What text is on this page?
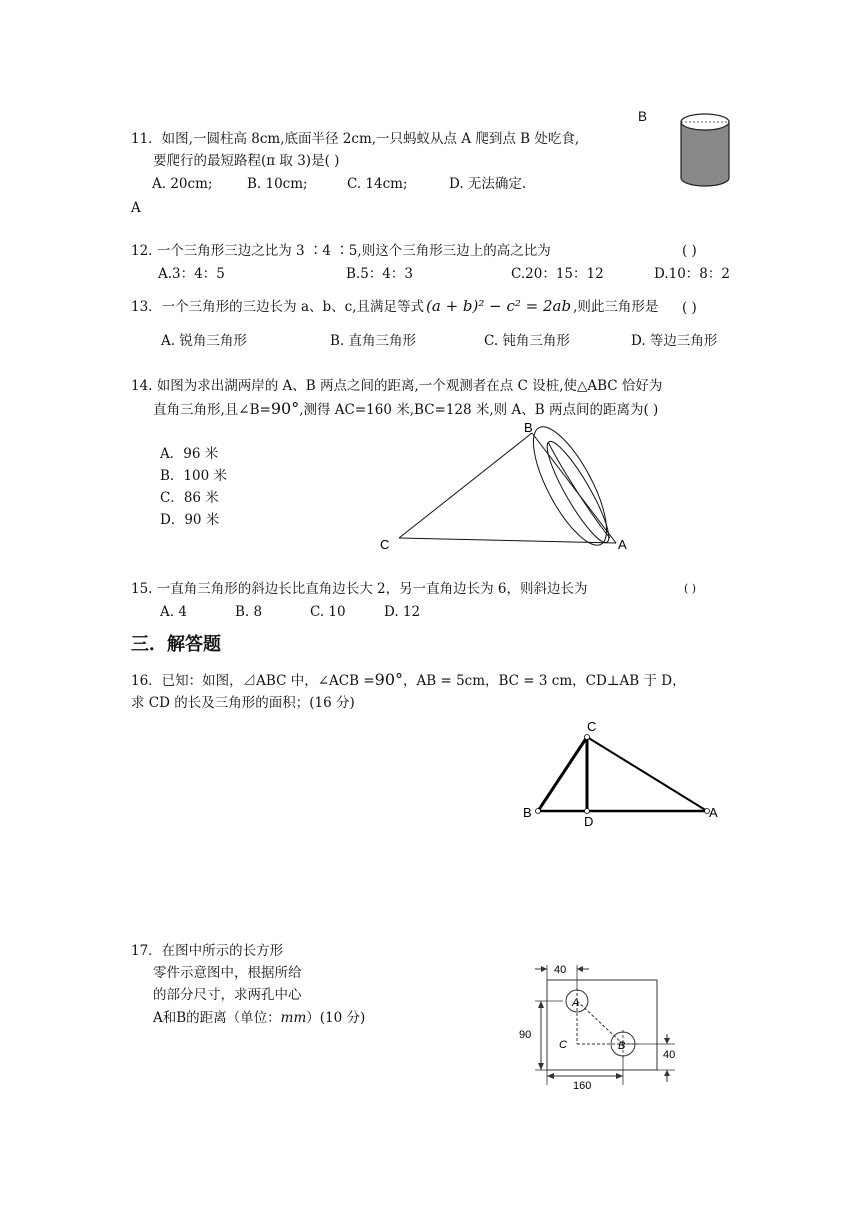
11．如图,一圆柱高 8cm,底面半径 2cm,一只蚂蚁从点 A 爬到点 B 处吃食,
要爬行的最短路程(π 取 3)是( )
A. 20cm;	B. 10cm;	C. 14cm;	D. 无法确定.
A
B
12. 一个三角形三边之比为 3 ∶4 ∶5,则这个三角形三边上的高之比为	( )
A.3：4：5	B.5：4：3	C.20：15：12	D.10：8：2
13．一个三角形的三边长为 a、b、c,且满足等式 (a + b)² − c² = 2ab ,则此三角形是 ( )
A. 锐角三角形	B. 直角三角形	C. 钝角三角形	D. 等边三角形
14. 如图为求出湖两岸的 A、B 两点之间的距离,一个观测者在点 C 设桩,使△ABC 恰好为
直角三角形,且∠B=90°,测得 AC=160 米,BC=128 米,则 A、B 两点间的距离为( )
A．96 米
B．100 米
C．86 米
D．90 米
B
C	A
15. 一直角三角形的斜边长比直角边长大 2，另一直角边长为 6，则斜边长为	( )
A. 4	B. 8	C. 10	D. 12
三．解答题
16．已知：如图，⊿ABC 中，∠ACB =90°，AB = 5cm，BC = 3 cm，CD⊥AB 于 D，
求 CD 的长及三角形的面积；(16 分)
C
B
D
A
17．在图中所示的长方形
零件示意图中，根据所给
的部分尺寸，求两孔中心
A和B的距离（单位：mm）(10 分)
40
90
40
160
A
B
C
